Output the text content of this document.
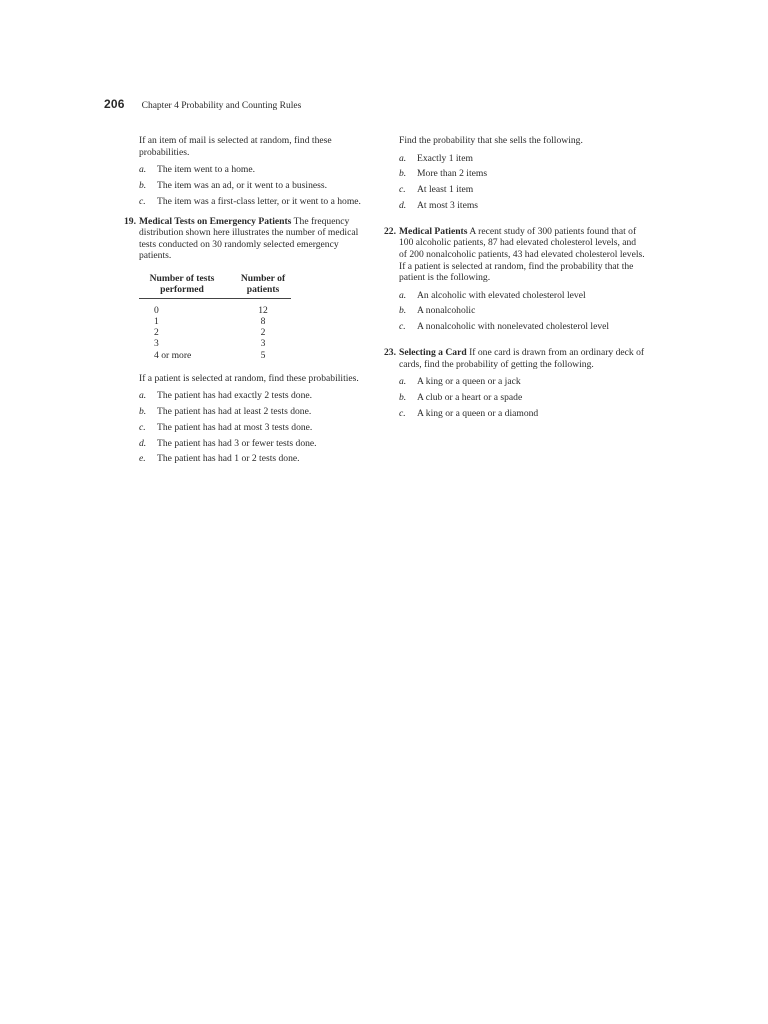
206 Chapter 4 Probability and Counting Rules

If an item of mail is selected at random, find these probabilities.

a. The item went to a home.
b. The item was an ad, or it went to a business.
c. The item was a first-class letter, or it went to a home.

19. Medical Tests on Emergency Patients The frequency distribution shown here illustrates the number of medical tests conducted on 30 randomly selected emergency patients.

Number of tests performed	Number of patients
0	12
1	8
2	2
3	3
4 or more	5

If a patient is selected at random, find these probabilities.

a. The patient has had exactly 2 tests done.
b. The patient has had at least 2 tests done.
c. The patient has had at most 3 tests done.
d. The patient has had 3 or fewer tests done.
e. The patient has had 1 or 2 tests done.

Find the probability that she sells the following.

a. Exactly 1 item
b. More than 2 items
c. At least 1 item
d. At most 3 items

22. Medical Patients A recent study of 300 patients found that of 100 alcoholic patients, 87 had elevated cholesterol levels, and of 200 nonalcoholic patients, 43 had elevated cholesterol levels. If a patient is selected at random, find the probability that the patient is the following.

a. An alcoholic with elevated cholesterol level
b. A nonalcoholic
c. A nonalcoholic with nonelevated cholesterol level

23. Selecting a Card If one card is drawn from an ordinary deck of cards, find the probability of getting the following.

a. A king or a queen or a jack
b. A club or a heart or a spade
c. A king or a queen or a diamond
